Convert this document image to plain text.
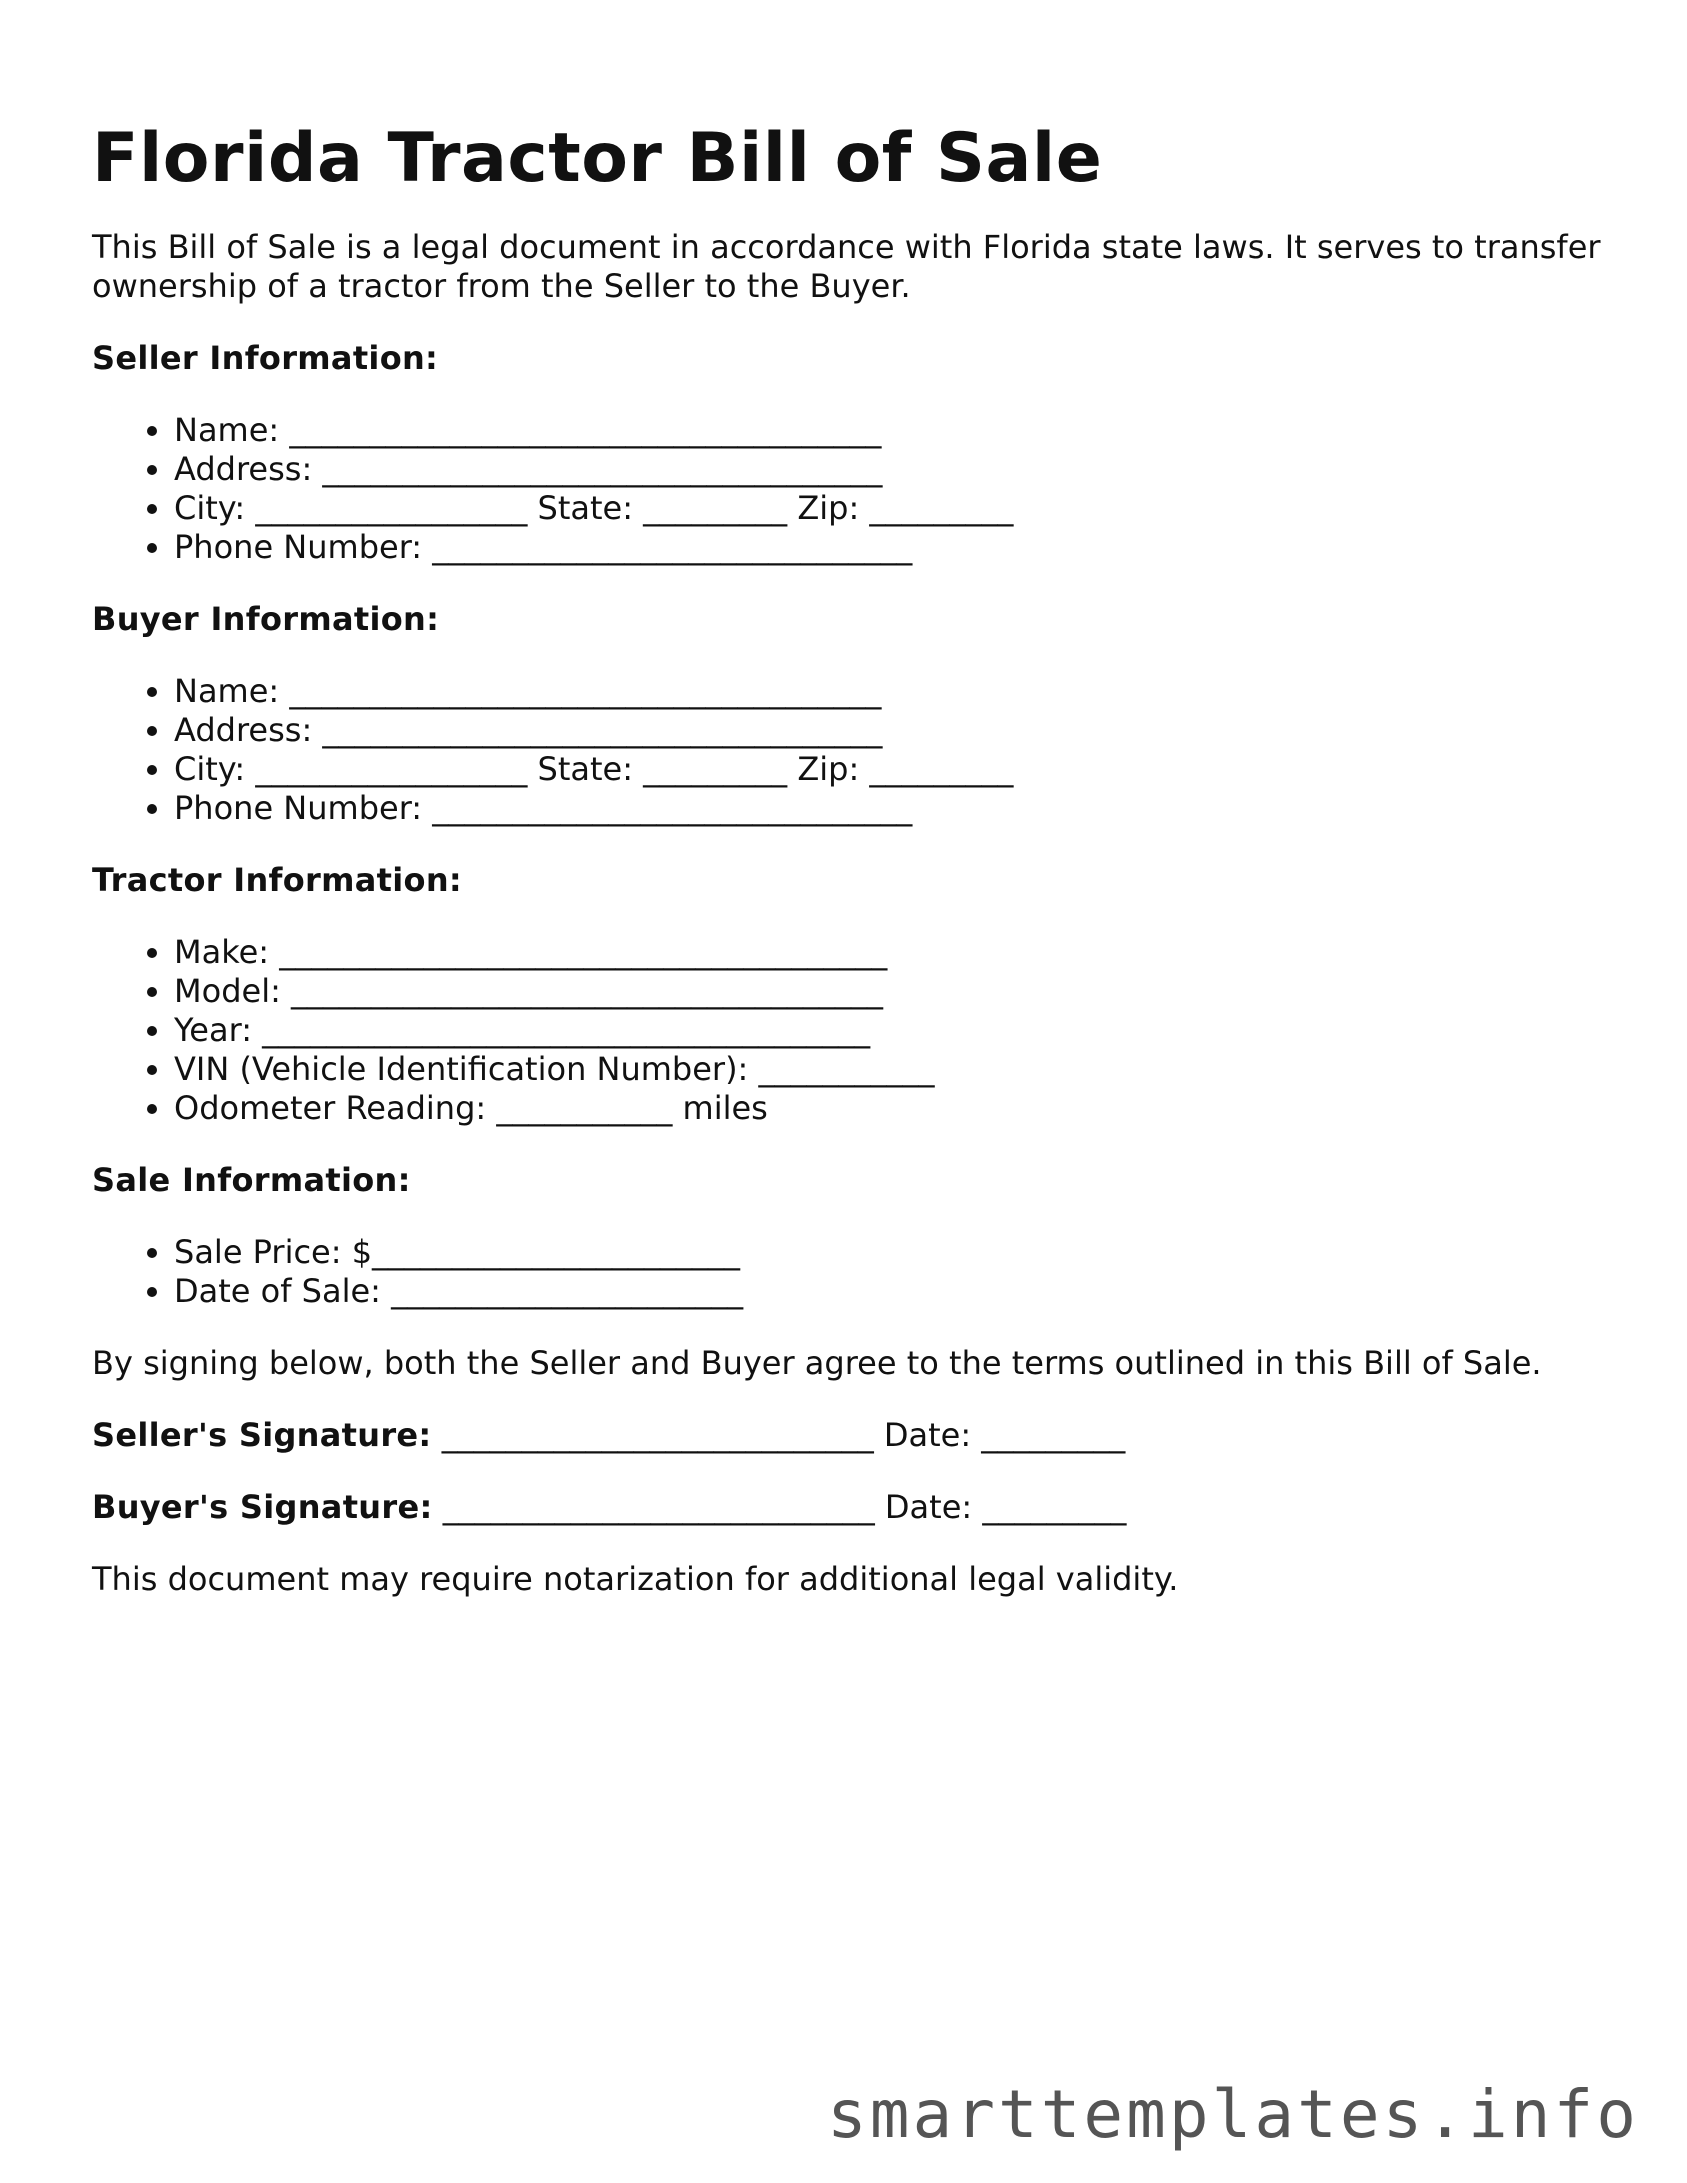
Florida Tractor Bill of Sale

This Bill of Sale is a legal document in accordance with Florida state laws. It serves to transfer ownership of a tractor from the Seller to the Buyer.

Seller Information:
• Name: _____________________________________
• Address: ___________________________________
• City: _________________ State: _________ Zip: _________
• Phone Number: ______________________________
Buyer Information:
• Name: _____________________________________
• Address: ___________________________________
• City: _________________ State: _________ Zip: _________
• Phone Number: ______________________________
Tractor Information:
• Make: ______________________________________
• Model: _____________________________________
• Year: ______________________________________
• VIN (Vehicle Identification Number): ___________
• Odometer Reading: ___________ miles
Sale Information:
• Sale Price: $_______________________
• Date of Sale: ______________________

By signing below, both the Seller and Buyer agree to the terms outlined in this Bill of Sale.

Seller's Signature: ___________________________ Date: _________
Buyer's Signature: ___________________________ Date: _________

This document may require notarization for additional legal validity.

smarttemplates.info
